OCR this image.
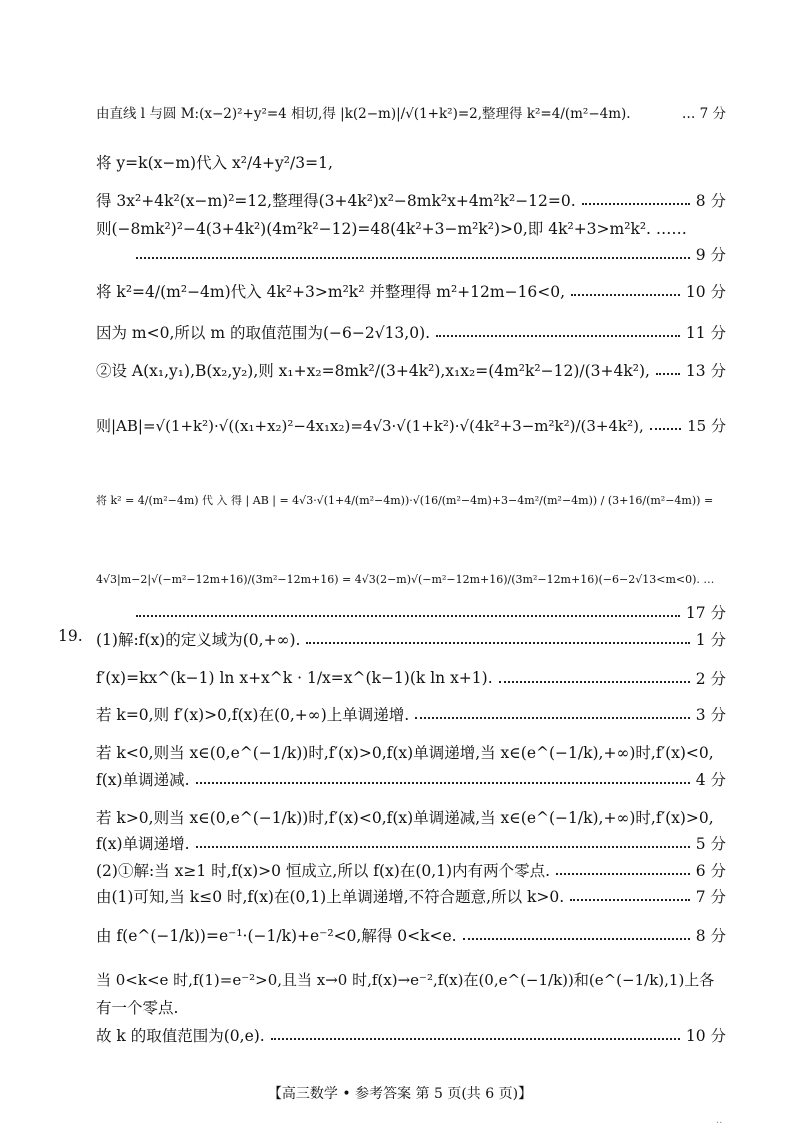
由直线 l 与圆 M:(x−2)²+y²=4 相切,得 |k(2−m)|/√(1+k²)=2,整理得 k²=4/(m²−4m).	… 7 分
将 y=k(x−m)代入 x²/4+y²/3=1,
得 3x²+4k²(x−m)²=12,整理得(3+4k²)x²−8mk²x+4m²k²−12=0.	8 分
则(−8mk²)²−4(3+4k²)(4m²k²−12)=48(4k²+3−m²k²)>0,即 4k²+3>m²k². ……
9 分
将 k²=4/(m²−4m)代入 4k²+3>m²k² 并整理得 m²+12m−16<0,	10 分
因为 m<0,所以 m 的取值范围为(−6−2√13,0).	11 分
②设 A(x₁,y₁),B(x₂,y₂),则 x₁+x₂=8mk²/(3+4k²),x₁x₂=(4m²k²−12)/(3+4k²), 13 分
则|AB|=√(1+k²)·√((x₁+x₂)²−4x₁x₂)=4√3·√(1+k²)·√(4k²+3−m²k²)/(3+4k²),	15 分
将 k² = 4/(m²−4m) 代 入 得 | AB | = 4√3·√(1+4/(m²−4m))·√(16/(m²−4m)+3−4m²/(m²−4m)) / (3+16/(m²−4m)) =
4√3|m−2|√(−m²−12m+16)/(3m²−12m+16) = 4√3(2−m)√(−m²−12m+16)/(3m²−12m+16)(−6−2√13<m<0). …
17 分
19. (1)解:f(x)的定义域为(0,+∞).	1 分
f′(x)=kx^(k−1) ln x+x^k · 1/x=x^(k−1)(k ln x+1).	2 分
若 k=0,则 f′(x)>0,f(x)在(0,+∞)上单调递增.	3 分
若 k<0,则当 x∈(0,e^(−1/k))时,f′(x)>0,f(x)单调递增,当 x∈(e^(−1/k),+∞)时,f′(x)<0,
f(x)单调递减.	4 分
若 k>0,则当 x∈(0,e^(−1/k))时,f′(x)<0,f(x)单调递减,当 x∈(e^(−1/k),+∞)时,f′(x)>0,
f(x)单调递增.	5 分
(2)①解:当 x≥1 时,f(x)>0 恒成立,所以 f(x)在(0,1)内有两个零点.	6 分
由(1)可知,当 k≤0 时,f(x)在(0,1)上单调递增,不符合题意,所以 k>0.	7 分
由 f(e^(−1/k))=e⁻¹·(−1/k)+e⁻²<0,解得 0<k<e.	8 分
当 0<k<e 时,f(1)=e⁻²>0,且当 x→0 时,f(x)→e⁻²,f(x)在(0,e^(−1/k))和(e^(−1/k),1)上各
有一个零点.
故 k 的取值范围为(0,e).	10 分
【高三数学 • 参考答案 第 5 页(共 6 页)】
..
